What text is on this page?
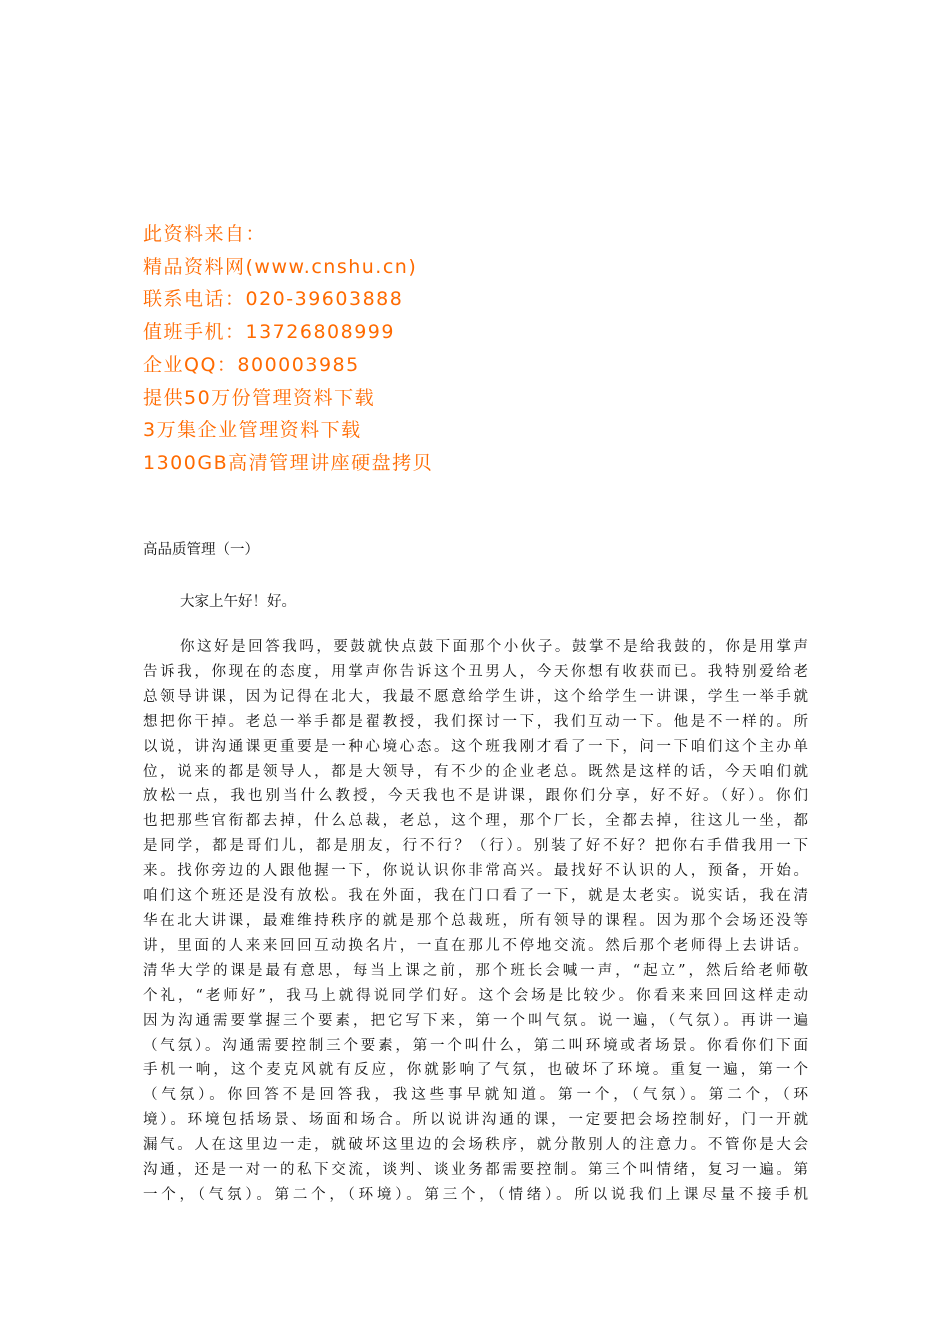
此资料来自：
精品资料网(www.cnshu.cn)
联系电话：020-39603888
值班手机：13726808999
企业QQ：800003985
提供50万份管理资料下载
3万集企业管理资料下载
1300GB高清管理讲座硬盘拷贝
高品质管理（一）
大家上午好！好。
你这好是回答我吗，要鼓就快点鼓下面那个小伙子。鼓掌不是给我鼓的，你是用掌声
告诉我，你现在的态度，用掌声你告诉这个丑男人，今天你想有收获而已。我特别爱给老
总领导讲课，因为记得在北大，我最不愿意给学生讲，这个给学生一讲课，学生一举手就
想把你干掉。老总一举手都是翟教授，我们探讨一下，我们互动一下。他是不一样的。所
以说，讲沟通课更重要是一种心境心态。这个班我刚才看了一下，问一下咱们这个主办单
位，说来的都是领导人，都是大领导，有不少的企业老总。既然是这样的话，今天咱们就
放松一点，我也别当什么教授，今天我也不是讲课，跟你们分享，好不好。（好）。你们
也把那些官衔都去掉，什么总裁，老总，这个理，那个厂长，全都去掉，往这儿一坐，都
是同学，都是哥们儿，都是朋友，行不行？（行）。别装了好不好？把你右手借我用一下
来。找你旁边的人跟他握一下，你说认识你非常高兴。最找好不认识的人，预备，开始。
咱们这个班还是没有放松。我在外面，我在门口看了一下，就是太老实。说实话，我在清
华在北大讲课，最难维持秩序的就是那个总裁班，所有领导的课程。因为那个会场还没等
讲，里面的人来来回回互动换名片，一直在那儿不停地交流。然后那个老师得上去讲话。
清华大学的课是最有意思，每当上课之前，那个班长会喊一声，“起立”，然后给老师敬
个礼，“老师好”，我马上就得说同学们好。这个会场是比较少。你看来来回回这样走动
因为沟通需要掌握三个要素，把它写下来，第一个叫气氛。说一遍，（气氛）。再讲一遍
（气氛）。沟通需要控制三个要素，第一个叫什么，第二叫环境或者场景。你看你们下面
手机一响，这个麦克风就有反应，你就影响了气氛，也破坏了环境。重复一遍，第一个
（气氛）。你回答不是回答我，我这些事早就知道。第一个，（气氛）。第二个，（环
境）。环境包括场景、场面和场合。所以说讲沟通的课，一定要把会场控制好，门一开就
漏气。人在这里边一走，就破坏这里边的会场秩序，就分散别人的注意力。不管你是大会
沟通，还是一对一的私下交流，谈判、谈业务都需要控制。第三个叫情绪，复习一遍。第
一个，（气氛）。第二个，（环境）。第三个，（情绪）。所以说我们上课尽量不接手机
